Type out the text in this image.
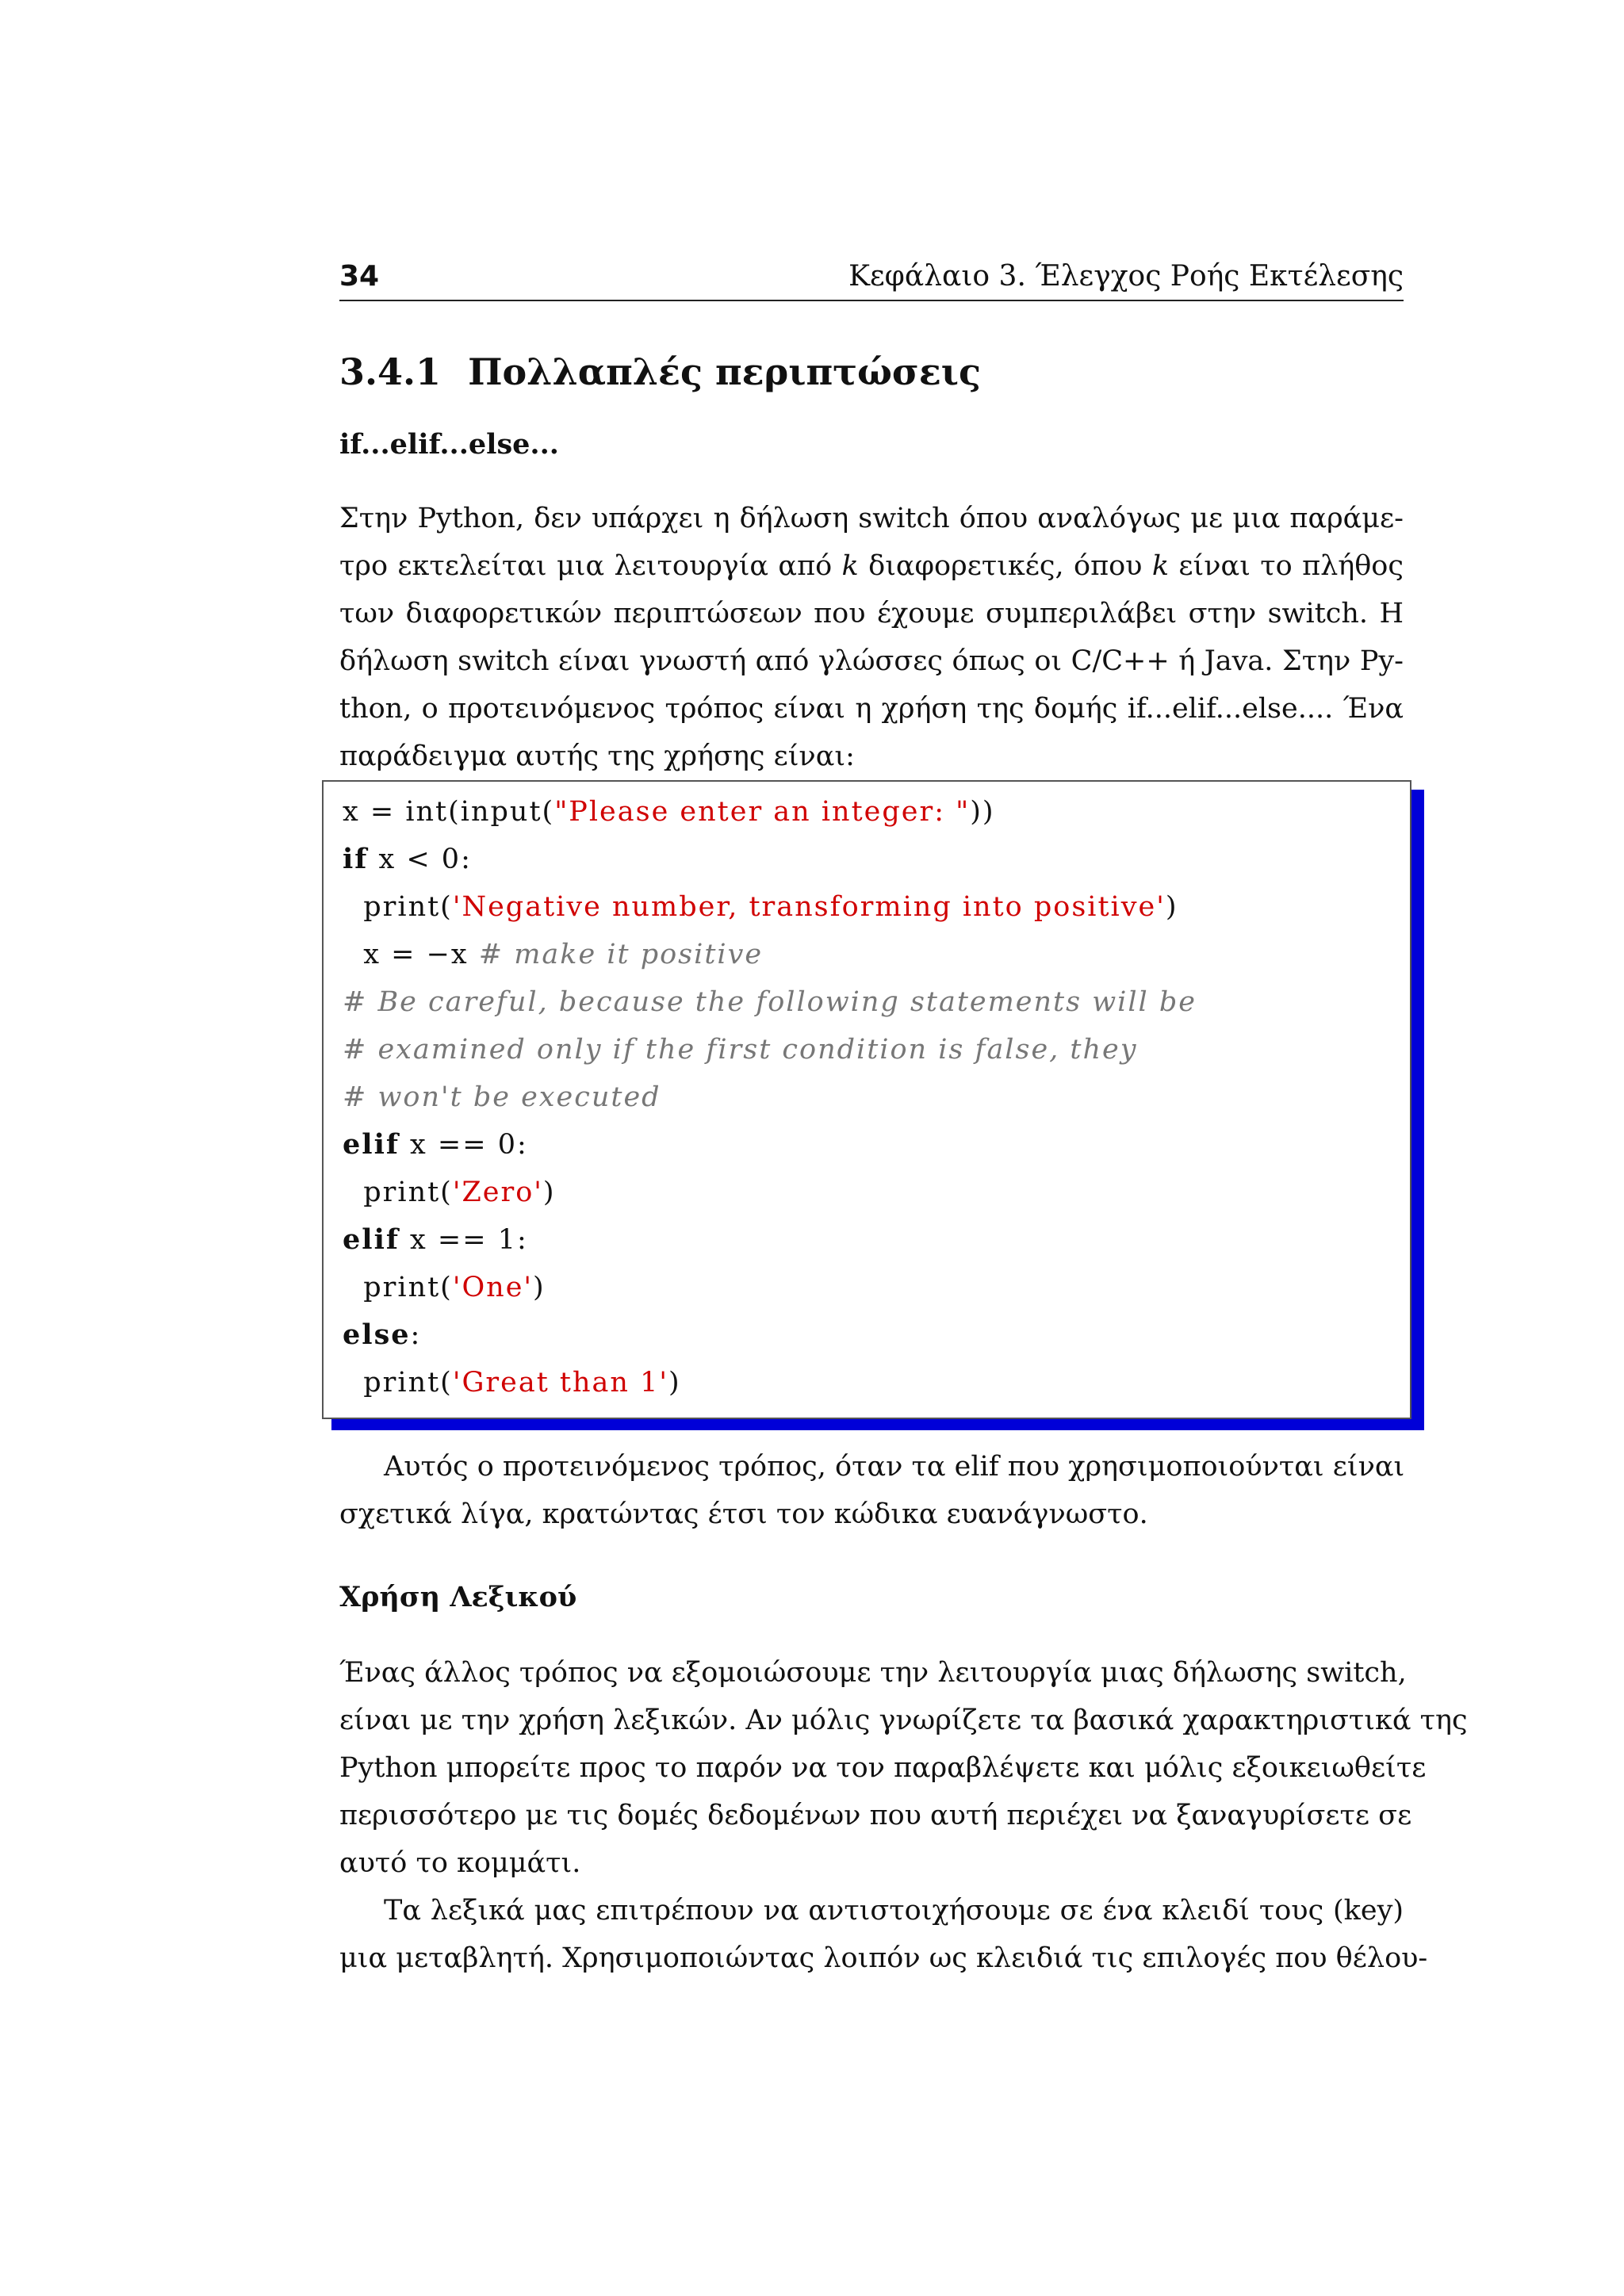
34	Κεφάλαιο 3. Έλεγχος Ροής Εκτέλεσης
3.4.1 Πολλαπλές περιπτώσεις
if...elif...else...
Στην Python, δεν υπάρχει η δήλωση switch όπου αναλόγως με μια παράμε-
τρο εκτελείται μια λειτουργία από k διαφορετικές, όπου k είναι το πλήθος
των διαφορετικών περιπτώσεων που έχουμε συμπεριλάβει στην switch. Η
δήλωση switch είναι γνωστή από γλώσσες όπως οι C/C++ ή Java. Στην Py-
thon, ο προτεινόμενος τρόπος είναι η χρήση της δομής if...elif...else.... Ένα
παράδειγμα αυτής της χρήσης είναι:
x = int(input("Please enter an integer: "))
if x < 0:
print('Negative number, transforming into positive')
x = −x # make it positive
# Be careful, because the following statements will be
# examined only if the first condition is false, they
# won't be executed
elif x == 0:
print('Zero')
elif x == 1:
print('One')
else:
print('Great than 1')
Αυτός ο προτεινόμενος τρόπος, όταν τα elif που χρησιμοποιούνται είναι
σχετικά λίγα, κρατώντας έτσι τον κώδικα ευανάγνωστο.
Χρήση Λεξικού
Ένας άλλος τρόπος να εξομοιώσουμε την λειτουργία μιας δήλωσης switch,
είναι με την χρήση λεξικών. Αν μόλις γνωρίζετε τα βασικά χαρακτηριστικά της
Python μπορείτε προς το παρόν να τον παραβλέψετε και μόλις εξοικειωθείτε
περισσότερο με τις δομές δεδομένων που αυτή περιέχει να ξαναγυρίσετε σε
αυτό το κομμάτι.
Τα λεξικά μας επιτρέπουν να αντιστοιχήσουμε σε ένα κλειδί τους (key)
μια μεταβλητή. Χρησιμοποιώντας λοιπόν ως κλειδιά τις επιλογές που θέλου-
